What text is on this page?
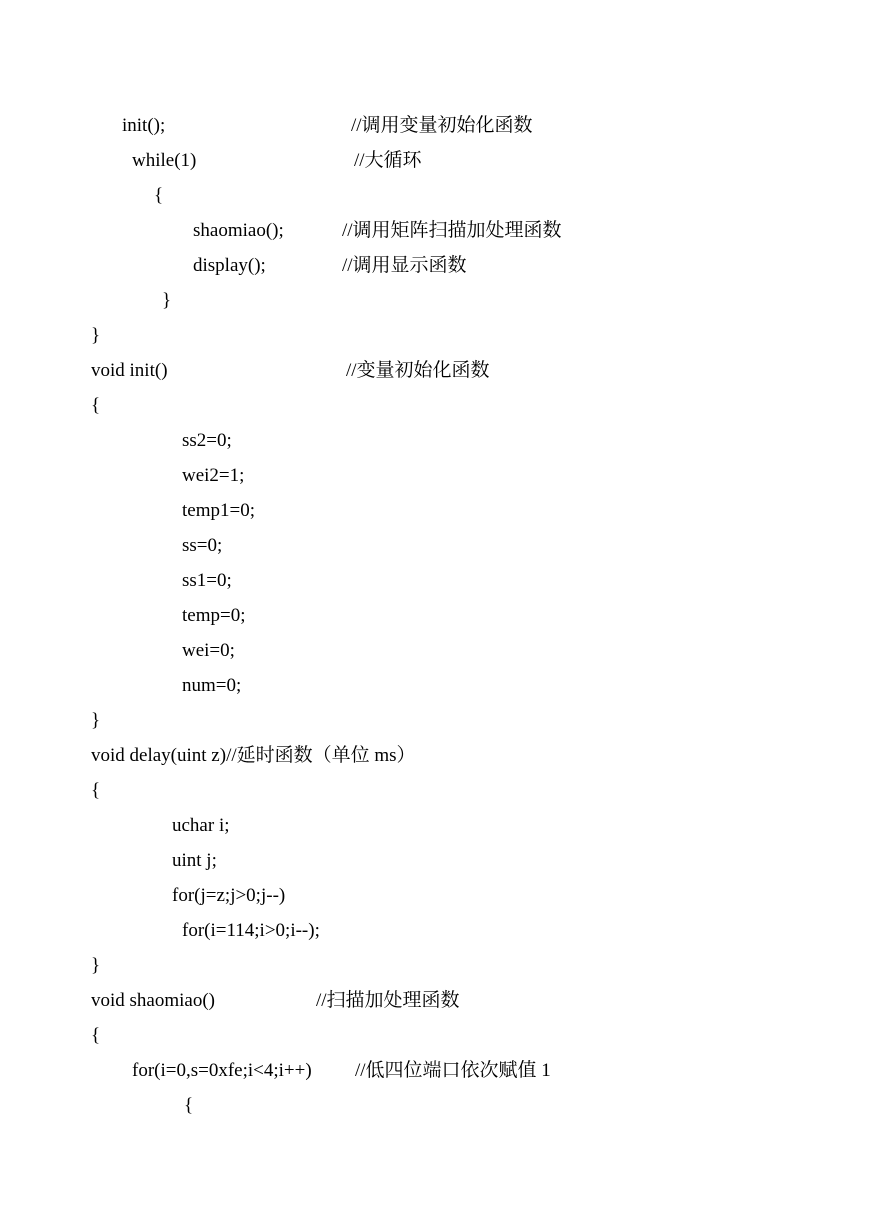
init();

	//调用变量初始化函数

while(1)

	//大循环

{

shaomiao();

	//调用矩阵扫描加处理函数

display();

	//调用显示函数

}

}

void init()

	//变量初始化函数

{

ss2=0;

wei2=1;

temp1=0;

ss=0;

ss1=0;

temp=0;

wei=0;

num=0;

}

void delay(uint z)//延时函数（单位 ms）

{

uchar i;

uint j;

for(j=z;j>0;j--)

for(i=114;i>0;i--);

}

void shaomiao()

	//扫描加处理函数

{

for(i=0,s=0xfe;i<4;i++)

//低四位端口依次赋值 1

{
